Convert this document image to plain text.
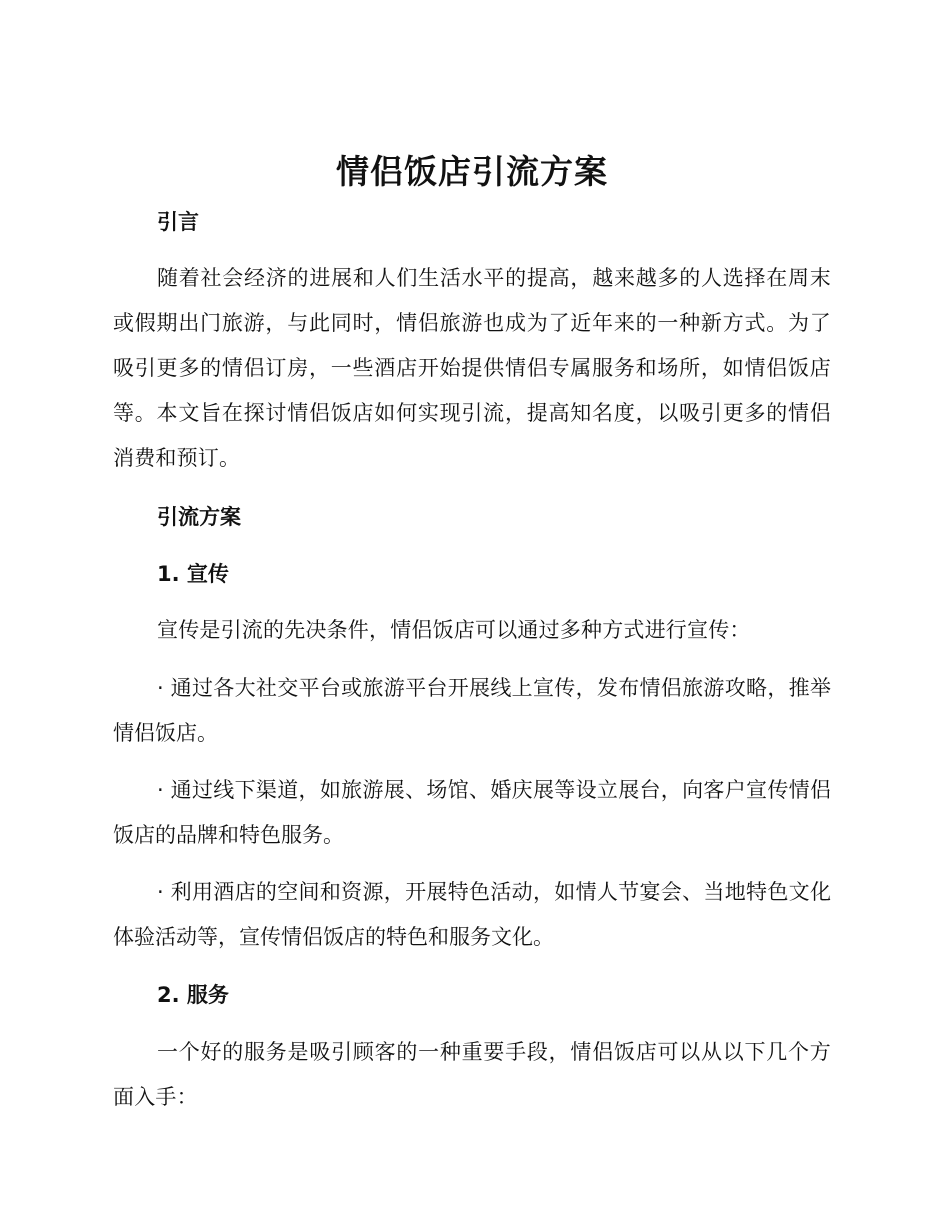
情侣饭店引流方案
引言

随着社会经济的进展和人们生活水平的提高，越来越多的人选择在周末或假期出门旅游，与此同时，情侣旅游也成为了近年来的一种新方式。为了吸引更多的情侣订房，一些酒店开始提供情侣专属服务和场所，如情侣饭店等。本文旨在探讨情侣饭店如何实现引流，提高知名度，以吸引更多的情侣消费和预订。

引流方案
1. 宣传

宣传是引流的先决条件，情侣饭店可以通过多种方式进行宣传：

· 通过各大社交平台或旅游平台开展线上宣传，发布情侣旅游攻略，推举情侣饭店。

· 通过线下渠道，如旅游展、场馆、婚庆展等设立展台，向客户宣传情侣饭店的品牌和特色服务。

· 利用酒店的空间和资源，开展特色活动，如情人节宴会、当地特色文化体验活动等，宣传情侣饭店的特色和服务文化。

2. 服务

一个好的服务是吸引顾客的一种重要手段，情侣饭店可以从以下几个方面入手：
